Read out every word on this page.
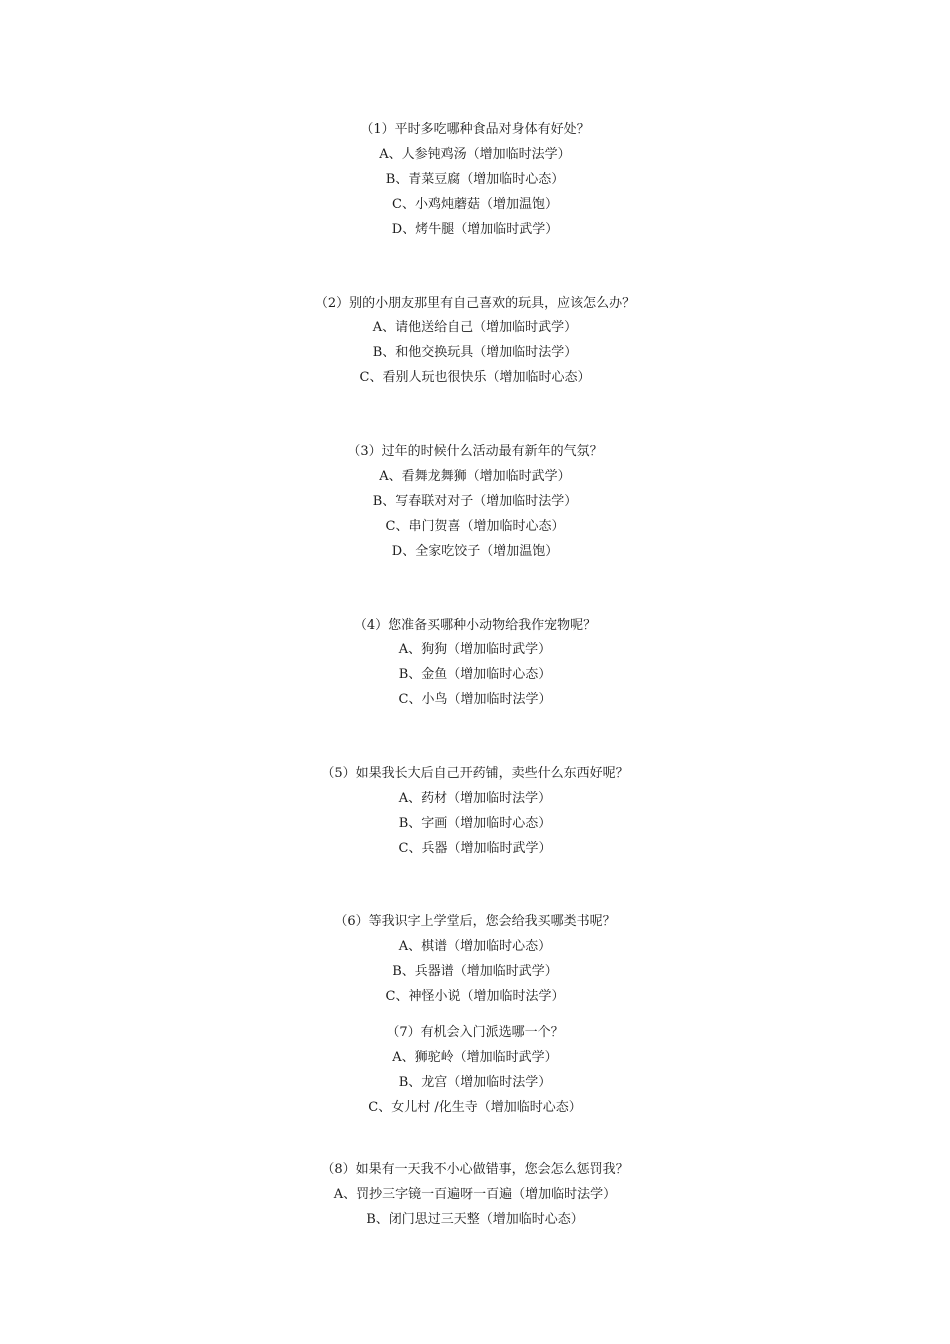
（1）平时多吃哪种食品对身体有好处？
A、人参钝鸡汤（增加临时法学）
B、青菜豆腐（增加临时心态）
C、小鸡炖蘑菇（增加温饱）
D、烤牛腿（增加临时武学）
（2）别的小朋友那里有自己喜欢的玩具，应该怎么办？
A、请他送给自己（增加临时武学）
B、和他交换玩具（增加临时法学）
C、看别人玩也很快乐（增加临时心态）
（3）过年的时候什么活动最有新年的气氛？
A、看舞龙舞狮（增加临时武学）
B、写春联对对子（增加临时法学）
C、串门贺喜（增加临时心态）
D、全家吃饺子（增加温饱）
（4）您准备买哪种小动物给我作宠物呢？
A、狗狗（增加临时武学）
B、金鱼（增加临时心态）
C、小鸟（增加临时法学）
（5）如果我长大后自己开药铺，卖些什么东西好呢？
A、药材（增加临时法学）
B、字画（增加临时心态）
C、兵器（增加临时武学）
（6）等我识字上学堂后，您会给我买哪类书呢？
A、棋谱（增加临时心态）
B、兵器谱（增加临时武学）
C、神怪小说（增加临时法学）
（7）有机会入门派选哪一个？
A、狮驼岭（增加临时武学）
B、龙宫（增加临时法学）
C、女儿村 /化生寺（增加临时心态）
（8）如果有一天我不小心做错事，您会怎么惩罚我？
A、罚抄三字镜一百遍呀一百遍（增加临时法学）
B、闭门思过三天整（增加临时心态）
